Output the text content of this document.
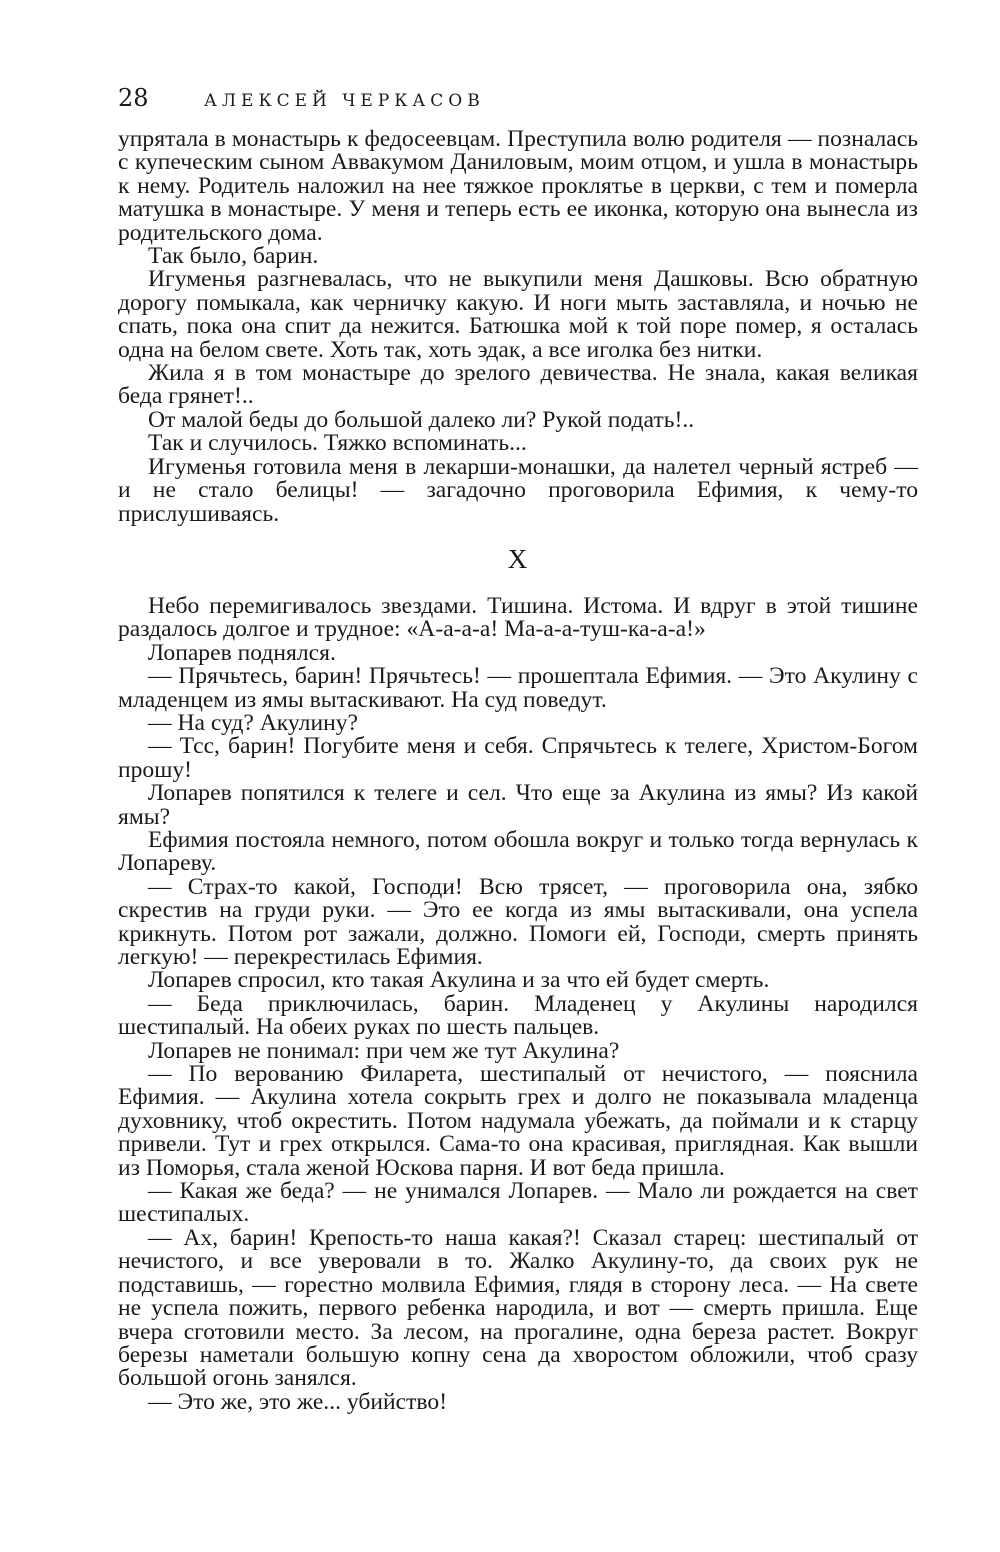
28	АЛЕКСЕЙ ЧЕРКАСОВ

упрятала в монастырь к федосеевцам. Преступила волю родителя — позналась с купеческим сыном Аввакумом Даниловым, моим отцом, и ушла в монастырь к нему. Родитель наложил на нее тяжкое проклятье в церкви, с тем и померла матушка в монастыре. У меня и теперь есть ее иконка, которую она вынесла из родительского дома.

Так было, барин.

Игуменья разгневалась, что не выкупили меня Дашковы. Всю обратную дорогу помыкала, как черничку какую. И ноги мыть заставляла, и ночью не спать, пока она спит да нежится. Батюшка мой к той поре помер, я осталась одна на белом свете. Хоть так, хоть эдак, а все иголка без нитки.

Жила я в том монастыре до зрелого девичества. Не знала, какая великая беда грянет!..

От малой беды до большой далеко ли? Рукой подать!..

Так и случилось. Тяжко вспоминать...

Игуменья готовила меня в лекарши-монашки, да налетел черный ястреб — и не стало белицы! — загадочно проговорила Ефимия, к чему-то прислушиваясь.

X

Небо перемигивалось звездами. Тишина. Истома. И вдруг в этой тишине раздалось долгое и трудное: «А-а-а-а! Ма-а-а-туш-ка-а-а!»

Лопарев поднялся.

— Прячьтесь, барин! Прячьтесь! — прошептала Ефимия. — Это Акулину с младенцем из ямы вытаскивают. На суд поведут.

— На суд? Акулину?

— Тсс, барин! Погубите меня и себя. Спрячьтесь к телеге, Христом-Богом прошу!

Лопарев попятился к телеге и сел. Что еще за Акулина из ямы? Из какой ямы?

Ефимия постояла немного, потом обошла вокруг и только тогда вернулась к Лопареву.

— Страх-то какой, Господи! Всю трясет, — проговорила она, зябко скрестив на груди руки. — Это ее когда из ямы вытаскивали, она успела крикнуть. Потом рот зажали, должно. Помоги ей, Господи, смерть принять легкую! — перекрестилась Ефимия.

Лопарев спросил, кто такая Акулина и за что ей будет смерть.

— Беда приключилась, барин. Младенец у Акулины народился шестипалый. На обеих руках по шесть пальцев.

Лопарев не понимал: при чем же тут Акулина?

— По верованию Филарета, шестипалый от нечистого, — пояснила Ефимия. — Акулина хотела сокрыть грех и долго не показывала младенца духовнику, чтоб окрестить. Потом надумала убежать, да поймали и к старцу привели. Тут и грех открылся. Сама-то она красивая, приглядная. Как вышли из Поморья, стала женой Юскова парня. И вот беда пришла.

— Какая же беда? — не унимался Лопарев. — Мало ли рождается на свет шестипалых.

— Ах, барин! Крепость-то наша какая?! Сказал старец: шестипалый от нечистого, и все уверовали в то. Жалко Акулину-то, да своих рук не подставишь, — горестно молвила Ефимия, глядя в сторону леса. — На свете не успела пожить, первого ребенка народила, и вот — смерть пришла. Еще вчера сготовили место. За лесом, на прогалине, одна береза растет. Вокруг березы наметали большую копну сена да хворостом обложили, чтоб сразу большой огонь занялся.

— Это же, это же... убийство!
